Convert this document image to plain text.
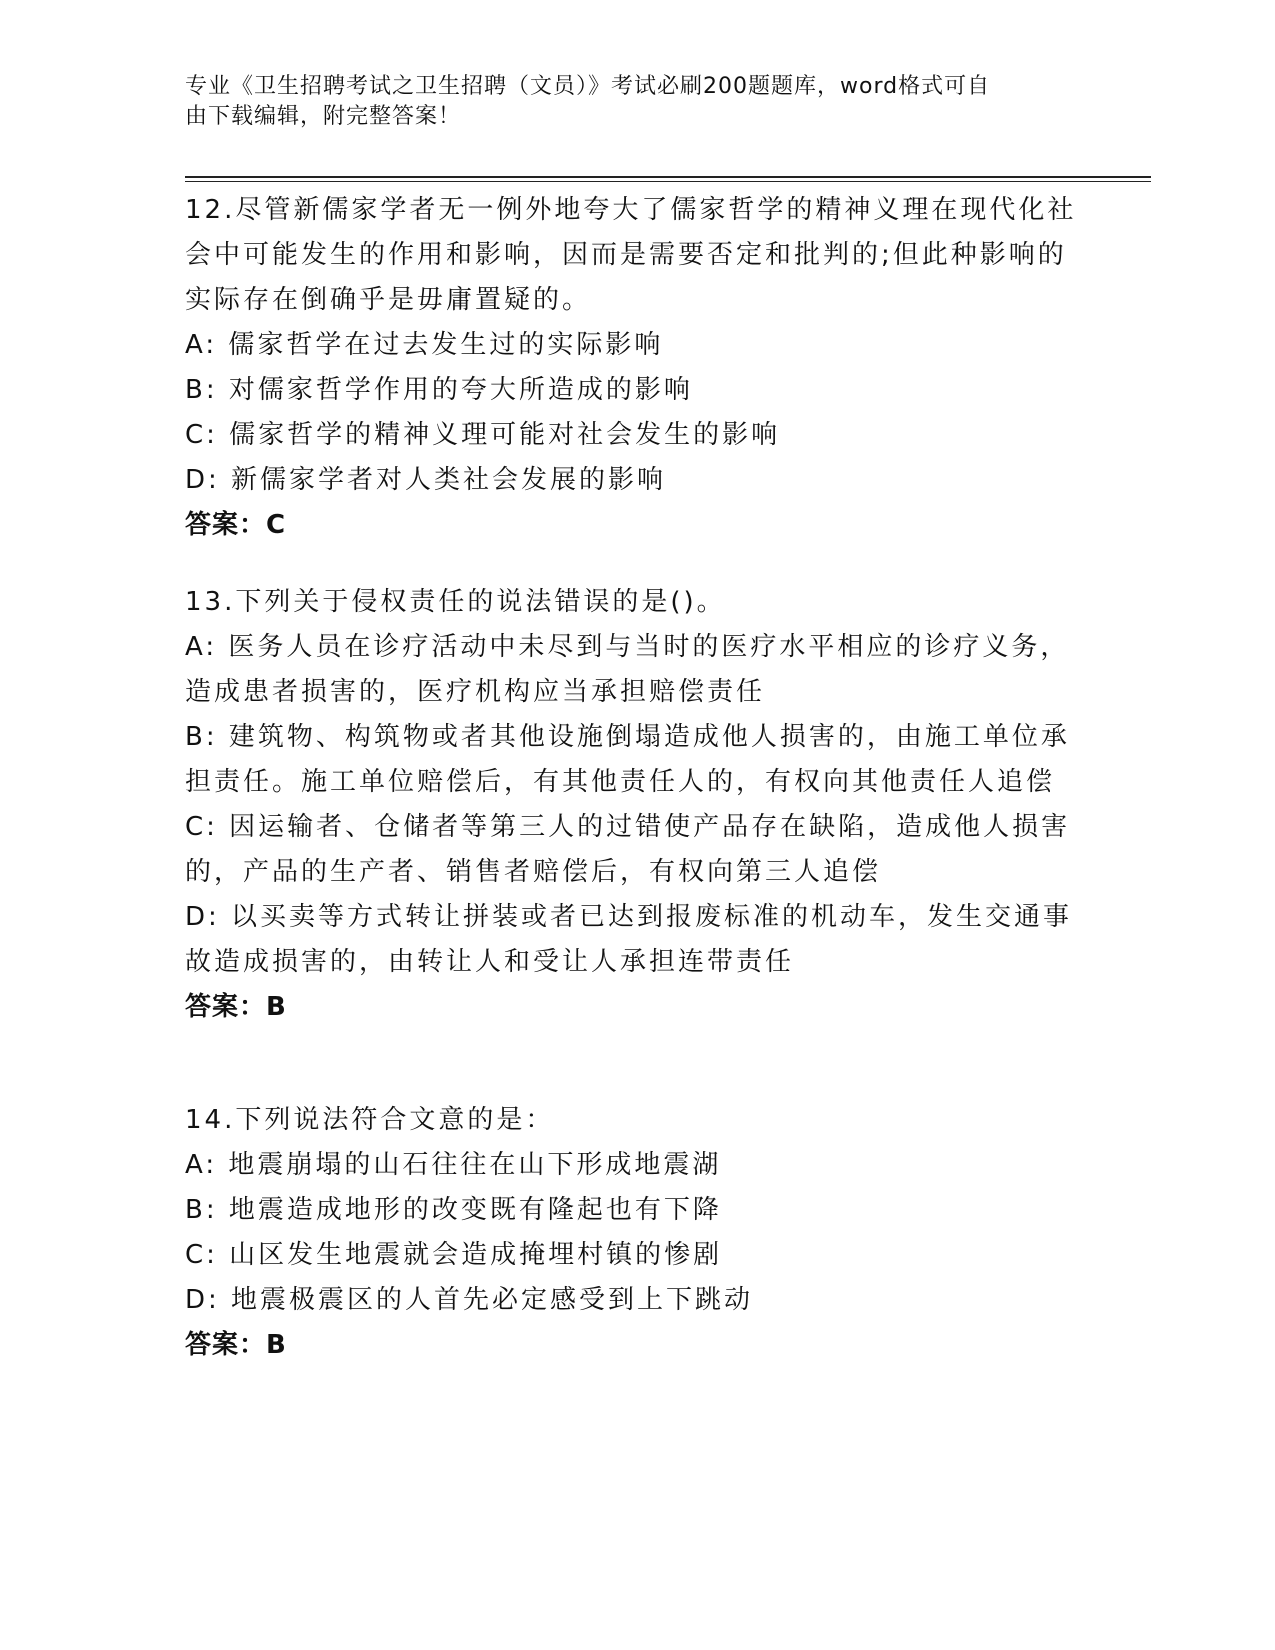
专业《卫生招聘考试之卫生招聘（文员）》考试必刷200题题库，word格式可自
由下载编辑，附完整答案！
12.尽管新儒家学者无一例外地夸大了儒家哲学的精神义理在现代化社
会中可能发生的作用和影响，因而是需要否定和批判的;但此种影响的
实际存在倒确乎是毋庸置疑的。
A: 儒家哲学在过去发生过的实际影响
B: 对儒家哲学作用的夸大所造成的影响
C: 儒家哲学的精神义理可能对社会发生的影响
D: 新儒家学者对人类社会发展的影响
答案：C
13.下列关于侵权责任的说法错误的是()。
A: 医务人员在诊疗活动中未尽到与当时的医疗水平相应的诊疗义务，
造成患者损害的，医疗机构应当承担赔偿责任
B: 建筑物、构筑物或者其他设施倒塌造成他人损害的，由施工单位承
担责任。施工单位赔偿后，有其他责任人的，有权向其他责任人追偿
C: 因运输者、仓储者等第三人的过错使产品存在缺陷，造成他人损害
的，产品的生产者、销售者赔偿后，有权向第三人追偿
D: 以买卖等方式转让拼装或者已达到报废标准的机动车，发生交通事
故造成损害的，由转让人和受让人承担连带责任
答案：B
14.下列说法符合文意的是：
A: 地震崩塌的山石往往在山下形成地震湖
B: 地震造成地形的改变既有隆起也有下降
C: 山区发生地震就会造成掩埋村镇的惨剧
D: 地震极震区的人首先必定感受到上下跳动
答案：B
